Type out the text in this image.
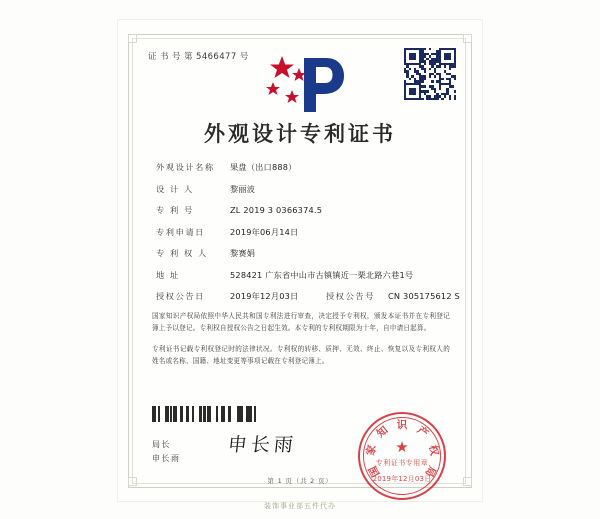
证 书 号 第 5466477 号
外观设计专利证书
外观设计名称	果盘（出口888）
设 计 人	黎丽波
专 利 号	ZL 2019 3 0366374.5
专利申请日	2019年06月14日
专 利 权 人	黎赛娟
地 址	528421 广东省中山市古镇镇近一栗北路六巷1号
授权公告日	2019年12月03日	授权公告号	CN 305175612 S

国家知识产权局依照中华人民共和国专利法进行审查，决定授予专利权，颁发本证书并在专利登记簿上予以登记。专利权自授权公告之日起生效。本专利的专利权期限为十年，自申请日起算。

专利证书记载专利权登记时的法律状况。专利权的转移、质押、无效、终止、恢复以及专利权人的姓名或名称、国籍、地址变更等事项记载在专利登记簿上。

局长
申长雨
申长雨	★
专利证书专用章
2019年12月03日
国
家
知 识 产
权
局
第 1 页（共 2 页）
装饰事业部五件代办
